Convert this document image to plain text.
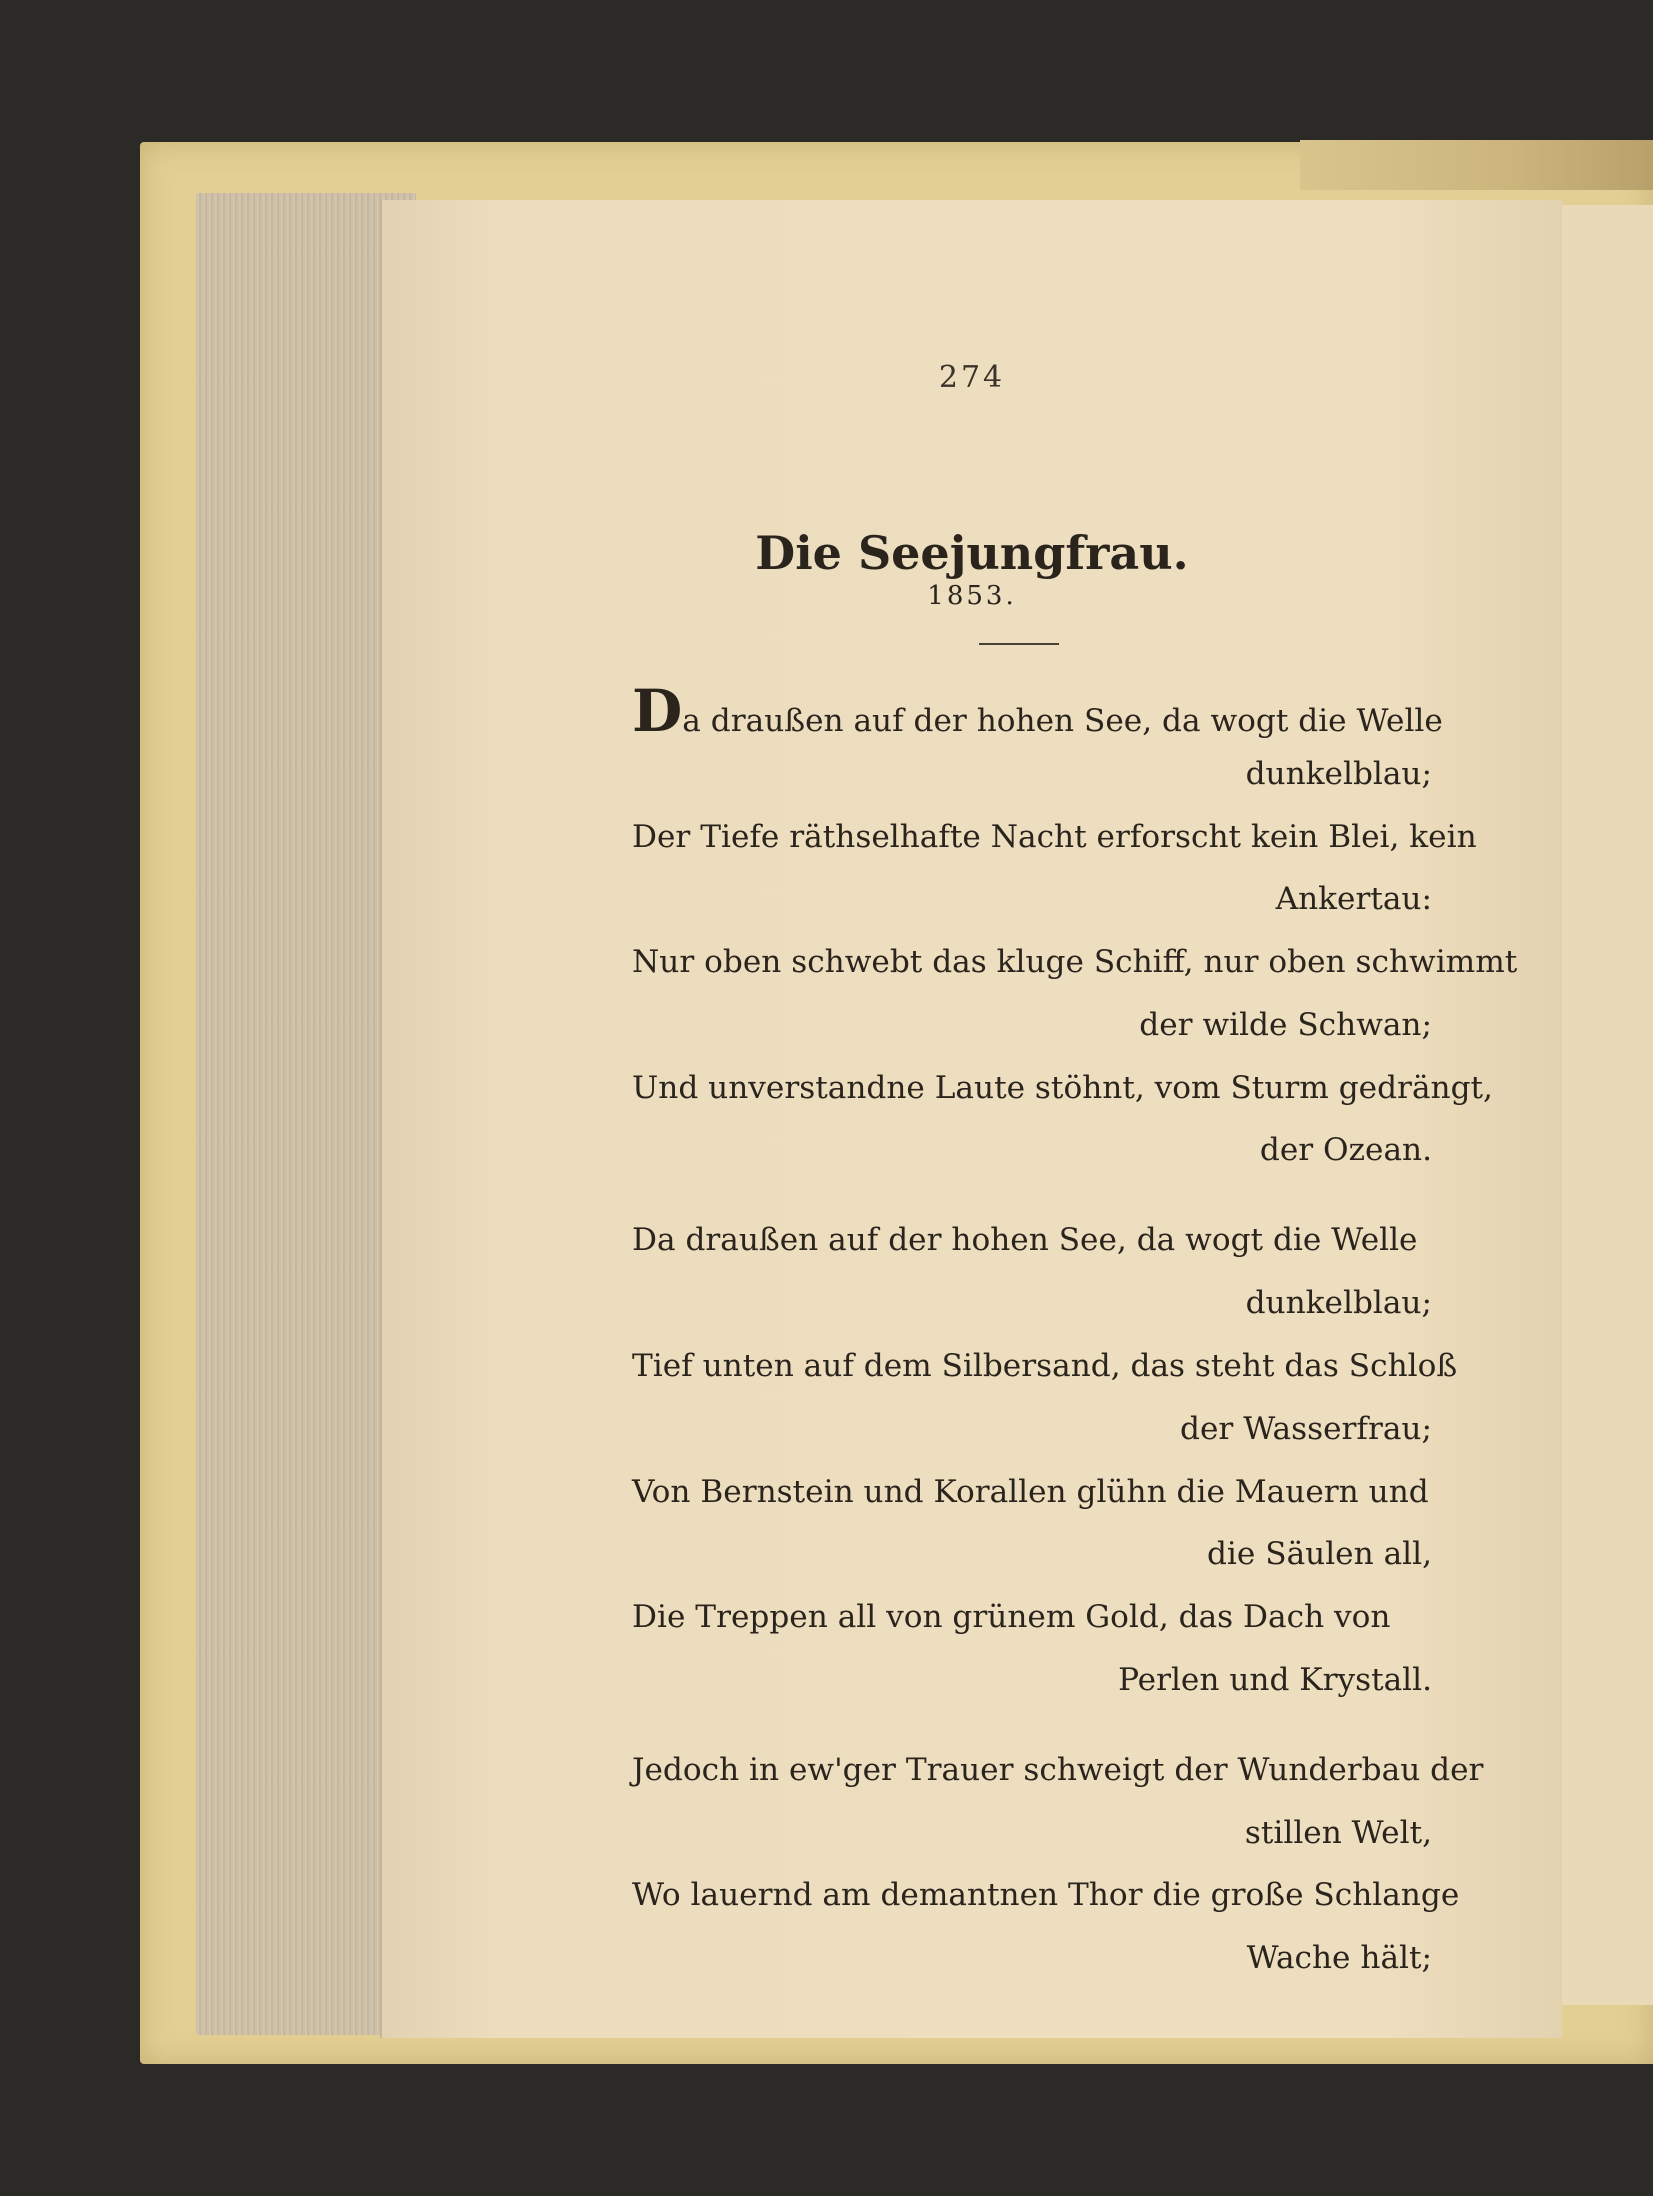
274
Die Seejungfrau.
1853.
Da draußen auf der hohen See, da wogt die Welle
dunkelblau;
Der Tiefe räthselhafte Nacht erforscht kein Blei, kein
Ankertau:
Nur oben schwebt das kluge Schiff, nur oben schwimmt
der wilde Schwan;
Und unverstandne Laute stöhnt, vom Sturm gedrängt,
der Ozean.
Da draußen auf der hohen See, da wogt die Welle
dunkelblau;
Tief unten auf dem Silbersand, das steht das Schloß
der Wasserfrau;
Von Bernstein und Korallen glühn die Mauern und
die Säulen all,
Die Treppen all von grünem Gold, das Dach von
Perlen und Krystall.
Jedoch in ew'ger Trauer schweigt der Wunderbau der
stillen Welt,
Wo lauernd am demantnen Thor die große Schlange
Wache hält;
